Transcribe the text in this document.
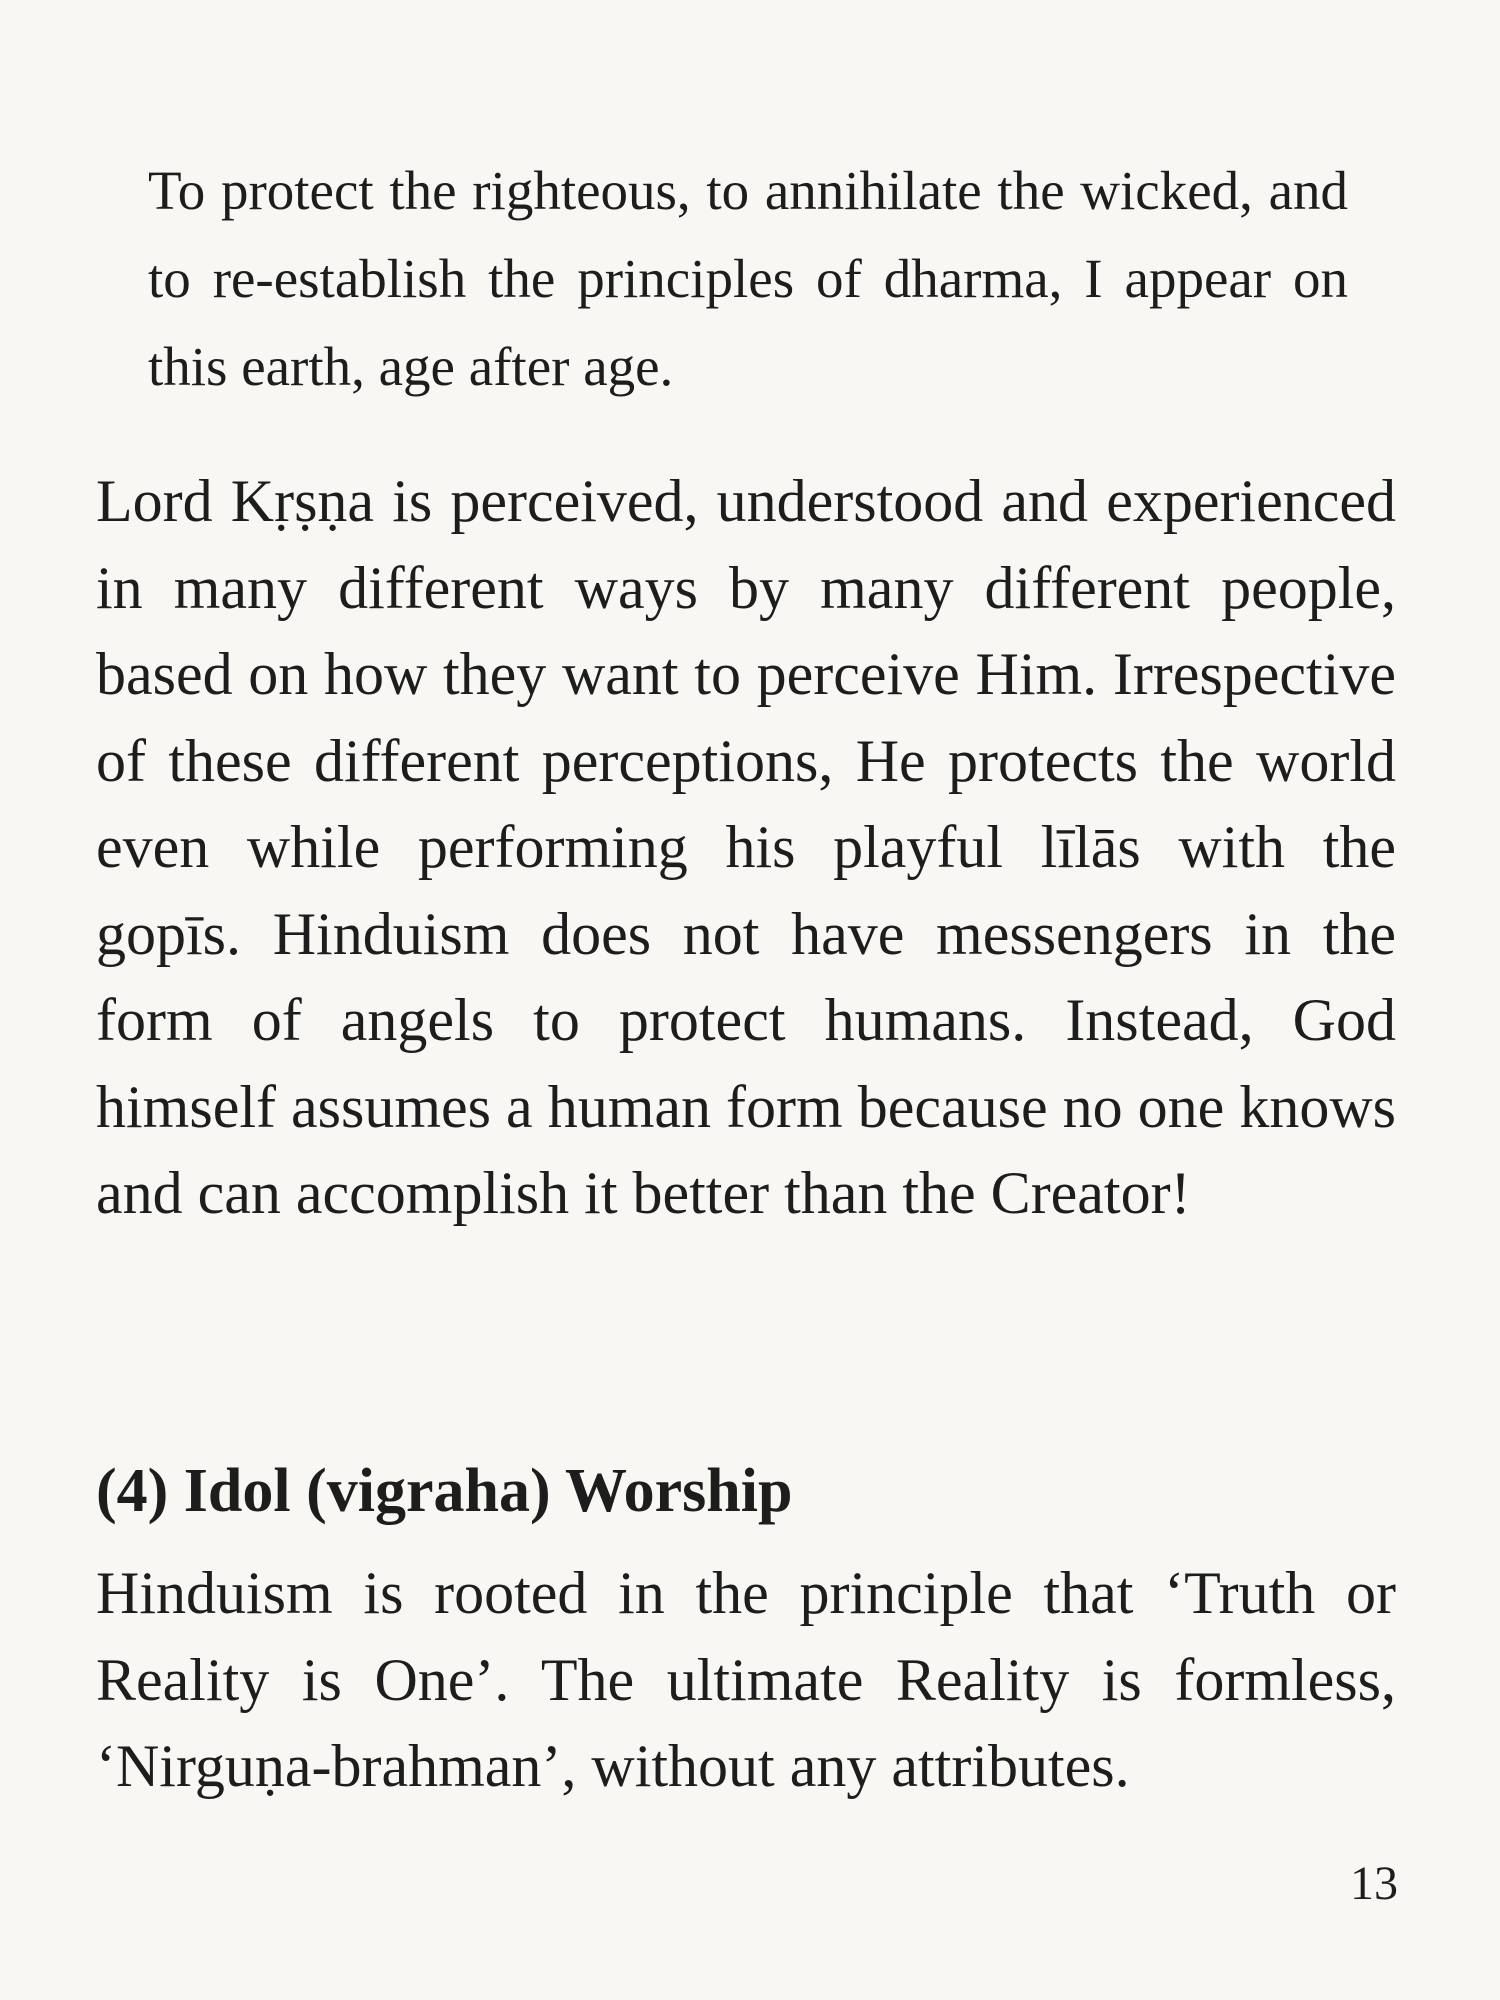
To protect the righteous, to annihilate the wicked, and to re-establish the principles of dharma, I appear on this earth, age after age.

Lord Kṛṣṇa is perceived, understood and experienced in many different ways by many different people, based on how they want to perceive Him. Irrespective of these different perceptions, He protects the world even while performing his playful līlās with the gopīs. Hinduism does not have messengers in the form of angels to protect humans. Instead, God himself assumes a human form because no one knows and can accomplish it better than the Creator!

(4) Idol (vigraha) Worship

Hinduism is rooted in the principle that ‘Truth or Reality is One’. The ultimate Reality is formless, ‘Nirguṇa-brahman’, without any attributes.

13
